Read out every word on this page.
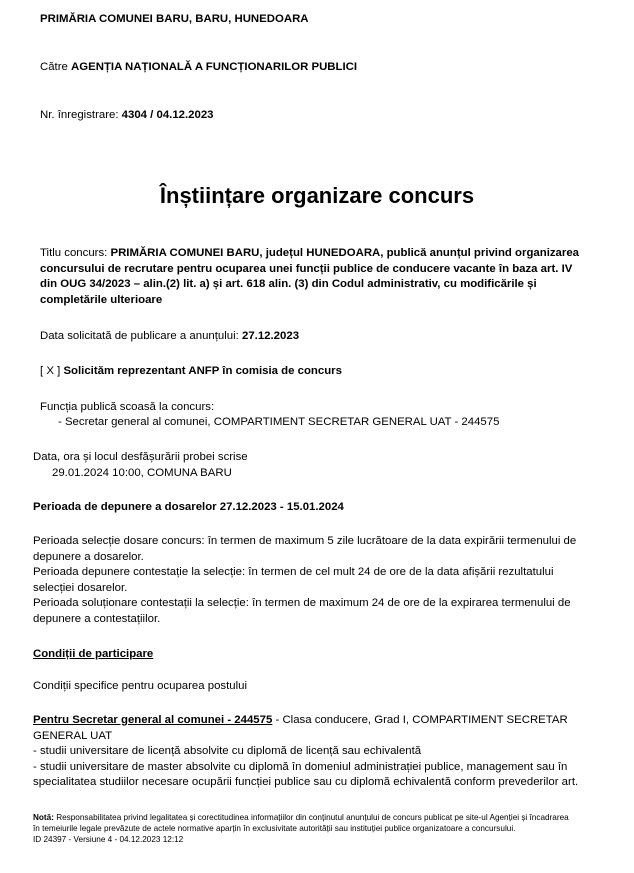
PRIMĂRIA COMUNEI BARU, BARU, HUNEDOARA
Către AGENȚIA NAȚIONALĂ A FUNCȚIONARILOR PUBLICI
Nr. înregistrare: 4304 / 04.12.2023
Înștiințare organizare concurs
Titlu concurs: PRIMĂRIA COMUNEI BARU, județul HUNEDOARA, publică anunțul privind organizarea
concursului de recrutare pentru ocuparea unei funcții publice de conducere vacante în baza art. IV
din OUG 34/2023 – alin.(2) lit. a) și art. 618 alin. (3) din Codul administrativ, cu modificările și
completările ulterioare
Data solicitată de publicare a anunțului: 27.12.2023
[ X ] Solicităm reprezentant ANFP în comisia de concurs
Funcția publică scoasă la concurs:
- Secretar general al comunei, COMPARTIMENT SECRETAR GENERAL UAT - 244575
Data, ora și locul desfășurării probei scrise
29.01.2024 10:00, COMUNA BARU
Perioada de depunere a dosarelor 27.12.2023 - 15.01.2024
Perioada selecție dosare concurs: în termen de maximum 5 zile lucrătoare de la data expirării termenului de
depunere a dosarelor.
Perioada depunere contestație la selecție: în termen de cel mult 24 de ore de la data afișării rezultatului
selecției dosarelor.
Perioada soluționare contestații la selecție: în termen de maximum 24 de ore de la expirarea termenului de
depunere a contestațiilor.
Condiții de participare
Condiții specifice pentru ocuparea postului
Pentru Secretar general al comunei - 244575 - Clasa conducere, Grad I, COMPARTIMENT SECRETAR
GENERAL UAT
- studii universitare de licență absolvite cu diplomă de licență sau echivalentă
- studii universitare de master absolvite cu diplomă în domeniul administrației publice, management sau în
specialitatea studiilor necesare ocupării funcției publice sau cu diplomă echivalentă conform prevederilor art.
Notă: Responsabilitatea privind legalitatea și corectitudinea informațiilor din conținutul anunțului de concurs publicat pe site-ul Agenției și încadrarea
în temeiurile legale prevăzute de actele normative aparțin în exclusivitate autorității sau instituției publice organizatoare a concursului.
ID 24397 - Versiune 4 - 04.12.2023 12:12
